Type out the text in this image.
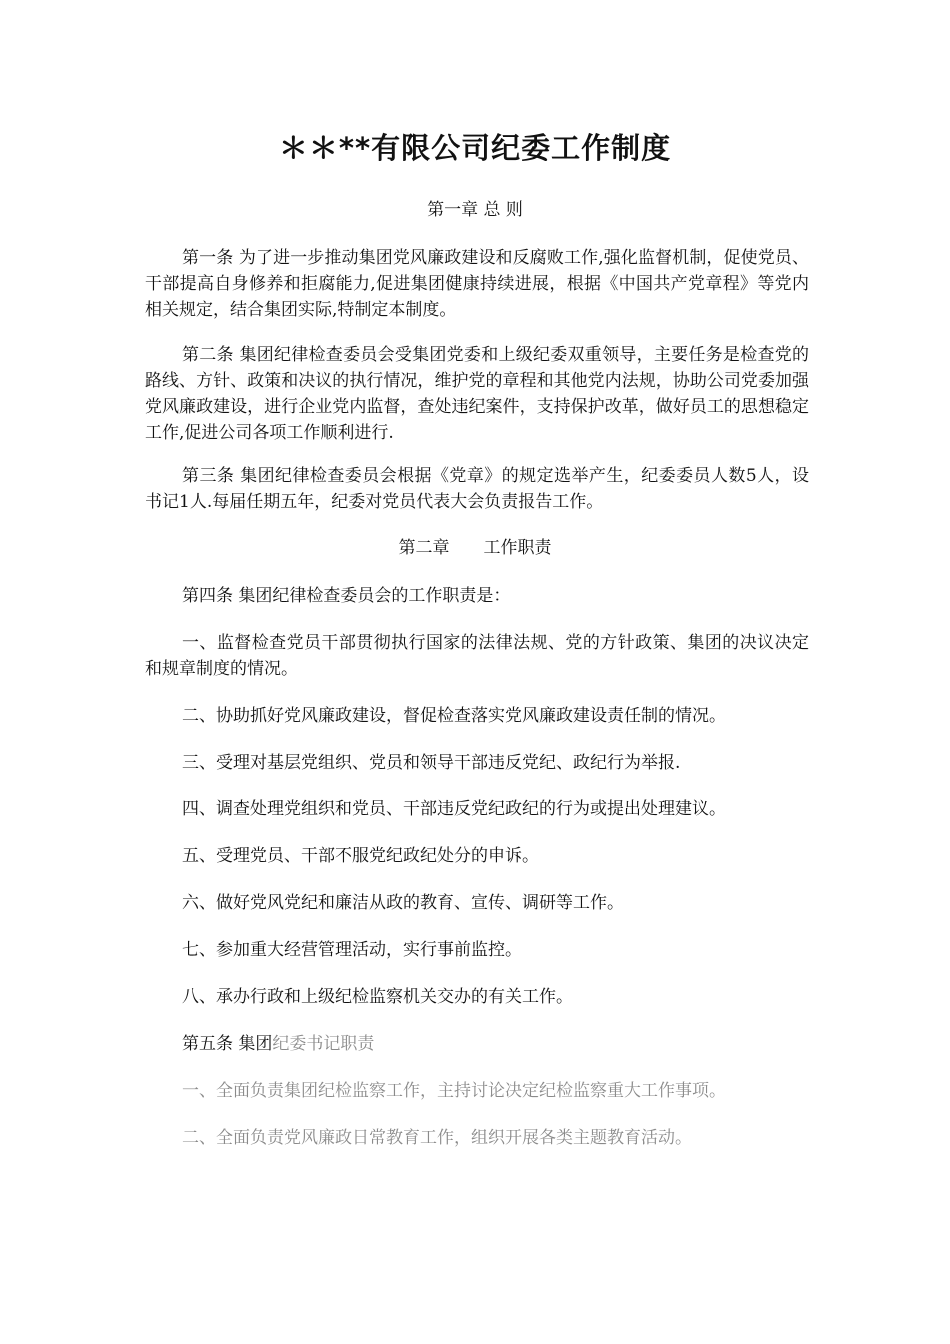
＊＊**有限公司纪委工作制度

第一章 总 则

第一条 为了进一步推动集团党风廉政建设和反腐败工作,强化监督机制，促使党员、干部提高自身修养和拒腐能力,促进集团健康持续进展，根据《中国共产党章程》等党内相关规定，结合集团实际,特制定本制度。

第二条 集团纪律检查委员会受集团党委和上级纪委双重领导，主要任务是检查党的路线、方针、政策和决议的执行情况，维护党的章程和其他党内法规，协助公司党委加强党风廉政建设，进行企业党内监督，查处违纪案件，支持保护改革，做好员工的思想稳定工作,促进公司各项工作顺利进行.

第三条 集团纪律检查委员会根据《党章》的规定选举产生，纪委委员人数5人，设书记1人.每届任期五年，纪委对党员代表大会负责报告工作。

第二章　　工作职责

第四条 集团纪律检查委员会的工作职责是：

一、监督检查党员干部贯彻执行国家的法律法规、党的方针政策、集团的决议决定和规章制度的情况。

二、协助抓好党风廉政建设，督促检查落实党风廉政建设责任制的情况。

三、受理对基层党组织、党员和领导干部违反党纪、政纪行为举报.

四、调查处理党组织和党员、干部违反党纪政纪的行为或提出处理建议。

五、受理党员、干部不服党纪政纪处分的申诉。

六、做好党风党纪和廉洁从政的教育、宣传、调研等工作。

七、参加重大经营管理活动，实行事前监控。

八、承办行政和上级纪检监察机关交办的有关工作。

第五条 集团纪委书记职责

一、全面负责集团纪检监察工作，主持讨论决定纪检监察重大工作事项。

二、全面负责党风廉政日常教育工作，组织开展各类主题教育活动。
